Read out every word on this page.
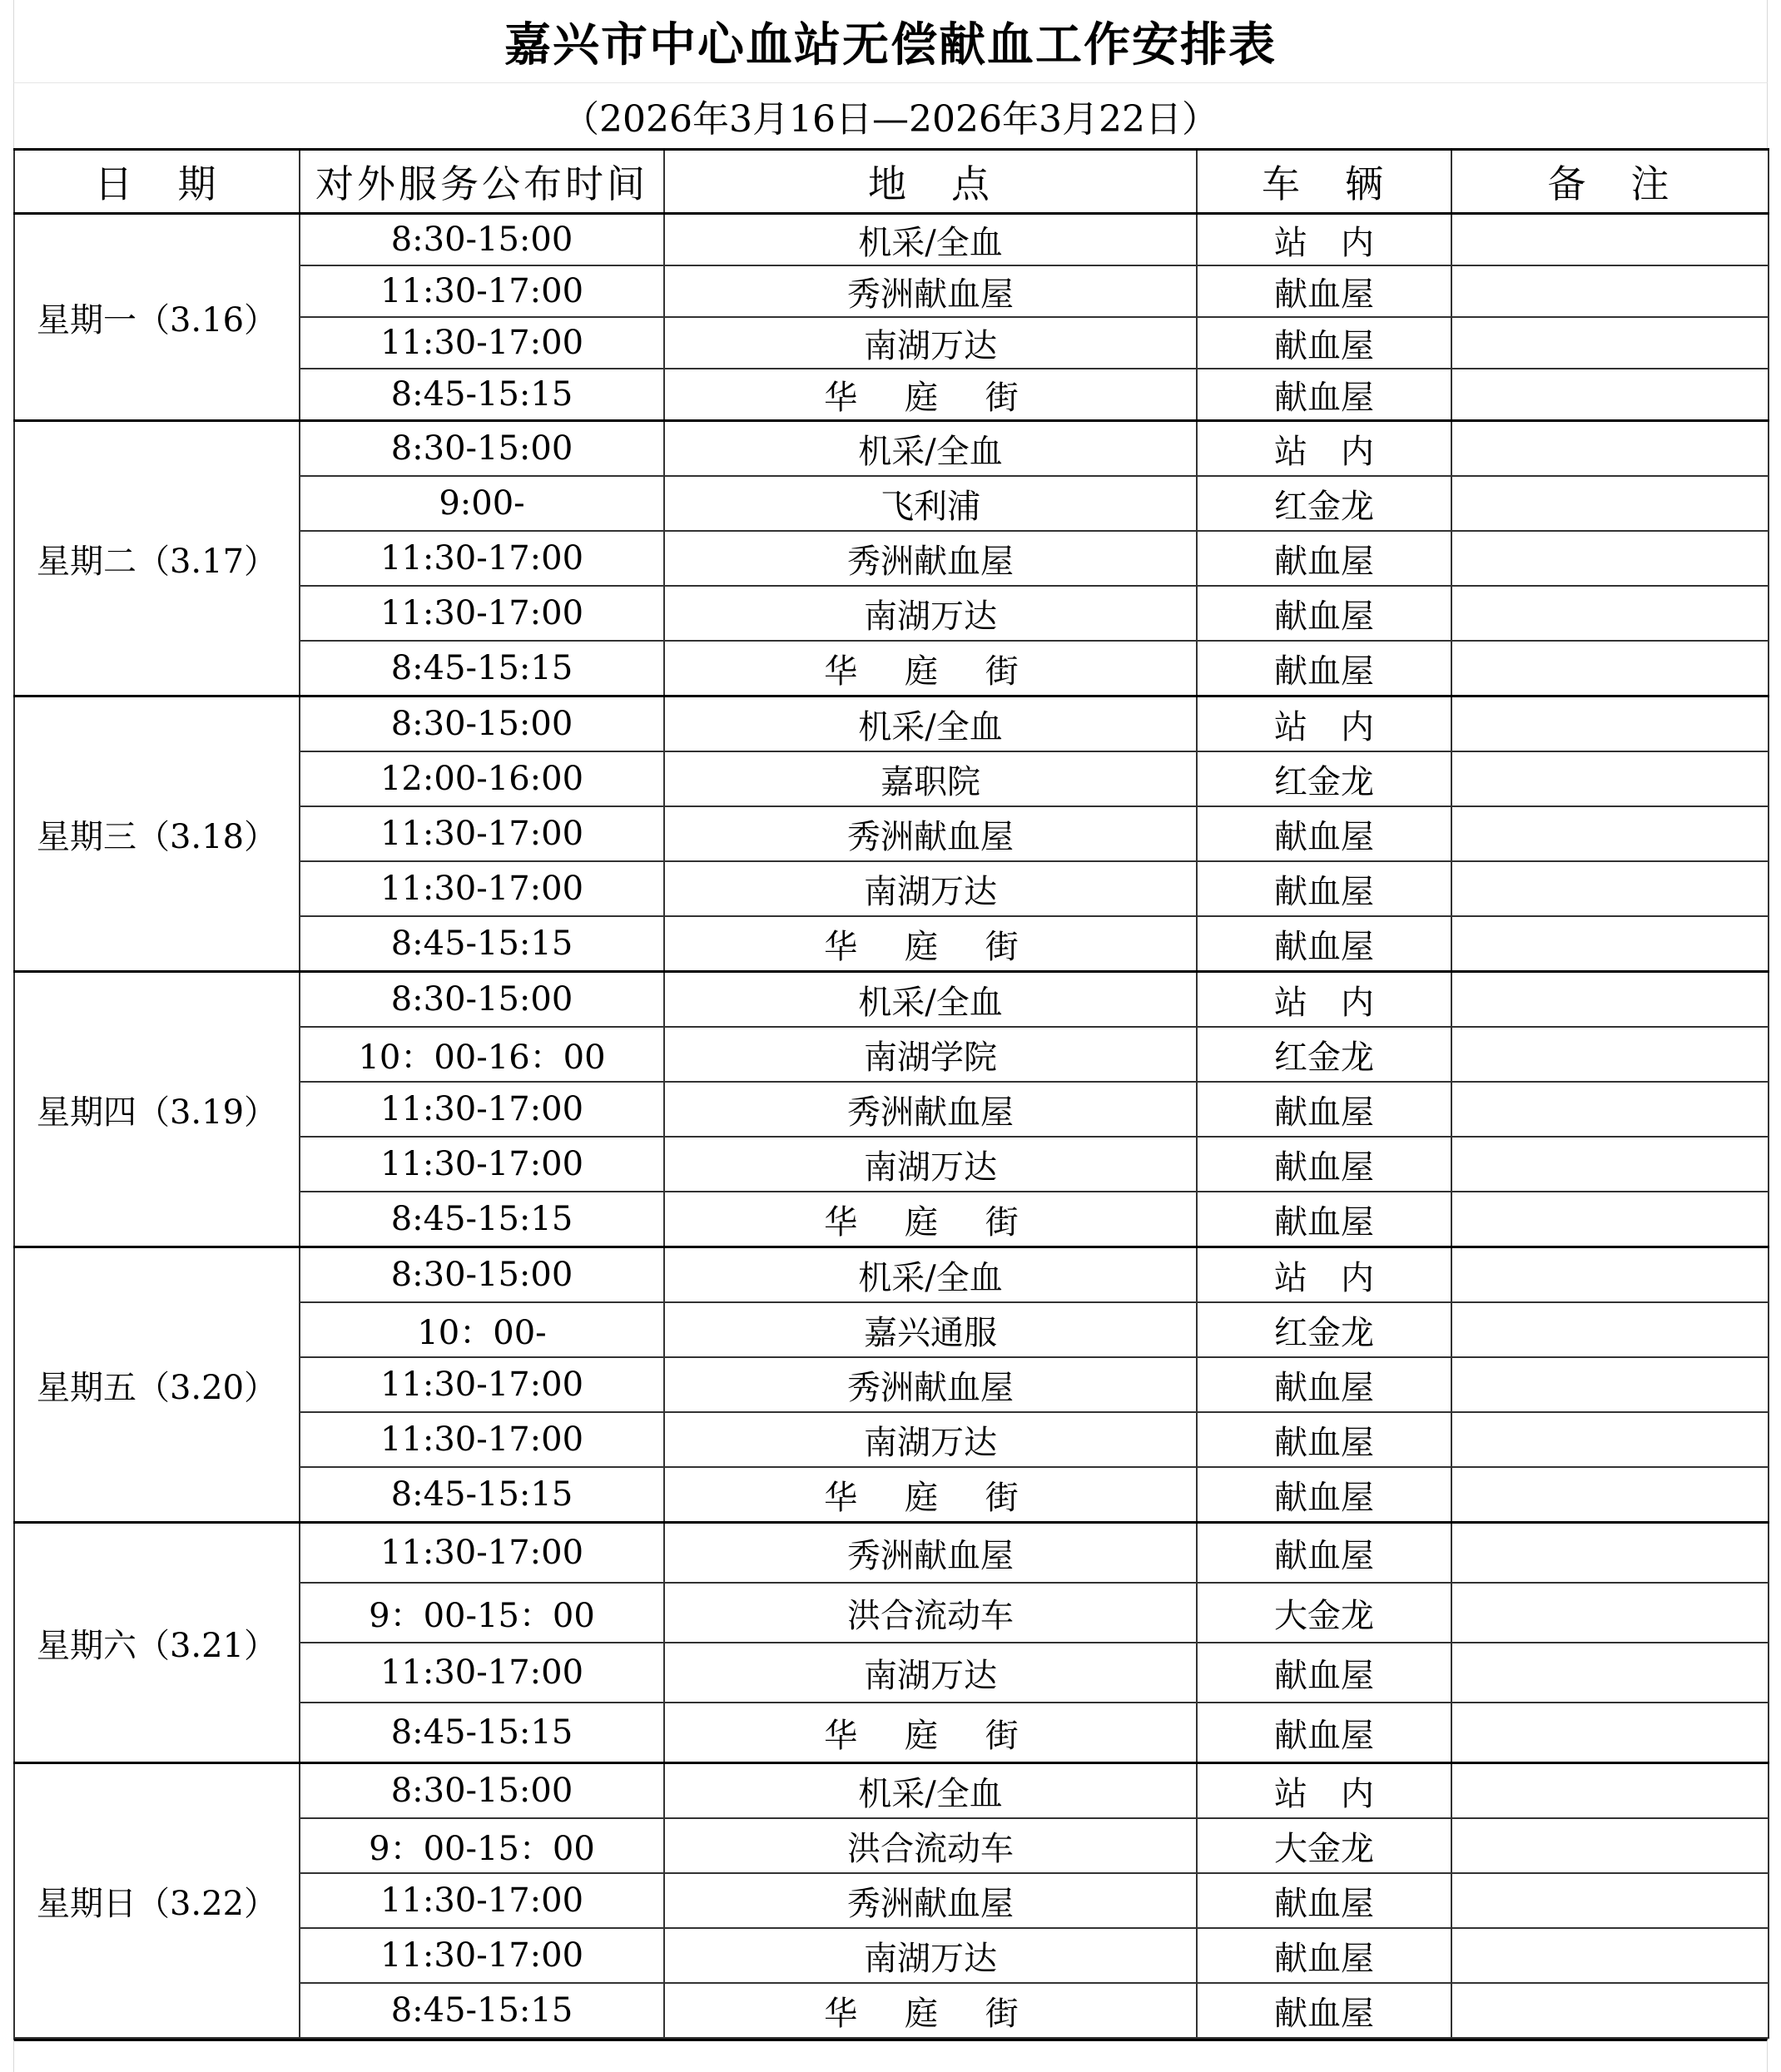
嘉兴市中心血站无偿献血工作安排表
（2026年3月16日—2026年3月22日）
日　期	对外服务公布时间	地　点	车　辆	备　注
星期一（3.16）	8:30-15:00	机采/全血	站　内	
	11:30-17:00	秀洲献血屋	献血屋	
	11:30-17:00	南湖万达	献血屋	
	8:45-15:15	华 庭 街	献血屋	
星期二（3.17）	8:30-15:00	机采/全血	站　内	
	9:00-	飞利浦	红金龙	
	11:30-17:00	秀洲献血屋	献血屋	
	11:30-17:00	南湖万达	献血屋	
	8:45-15:15	华 庭 街	献血屋	
星期三（3.18）	8:30-15:00	机采/全血	站　内	
	12:00-16:00	嘉职院	红金龙	
	11:30-17:00	秀洲献血屋	献血屋	
	11:30-17:00	南湖万达	献血屋	
	8:45-15:15	华 庭 街	献血屋	
星期四（3.19）	8:30-15:00	机采/全血	站　内	
	10：00-16：00	南湖学院	红金龙	
	11:30-17:00	秀洲献血屋	献血屋	
	11:30-17:00	南湖万达	献血屋	
	8:45-15:15	华 庭 街	献血屋	
星期五（3.20）	8:30-15:00	机采/全血	站　内	
	10：00-	嘉兴通服	红金龙	
	11:30-17:00	秀洲献血屋	献血屋	
	11:30-17:00	南湖万达	献血屋	
	8:45-15:15	华 庭 街	献血屋	
星期六（3.21）	11:30-17:00	秀洲献血屋	献血屋	
	9：00-15：00	洪合流动车	大金龙	
	11:30-17:00	南湖万达	献血屋	
	8:45-15:15	华 庭 街	献血屋	
星期日（3.22）	8:30-15:00	机采/全血	站　内	
	9：00-15：00	洪合流动车	大金龙	
	11:30-17:00	秀洲献血屋	献血屋	
	11:30-17:00	南湖万达	献血屋	
	8:45-15:15	华 庭 街	献血屋	
